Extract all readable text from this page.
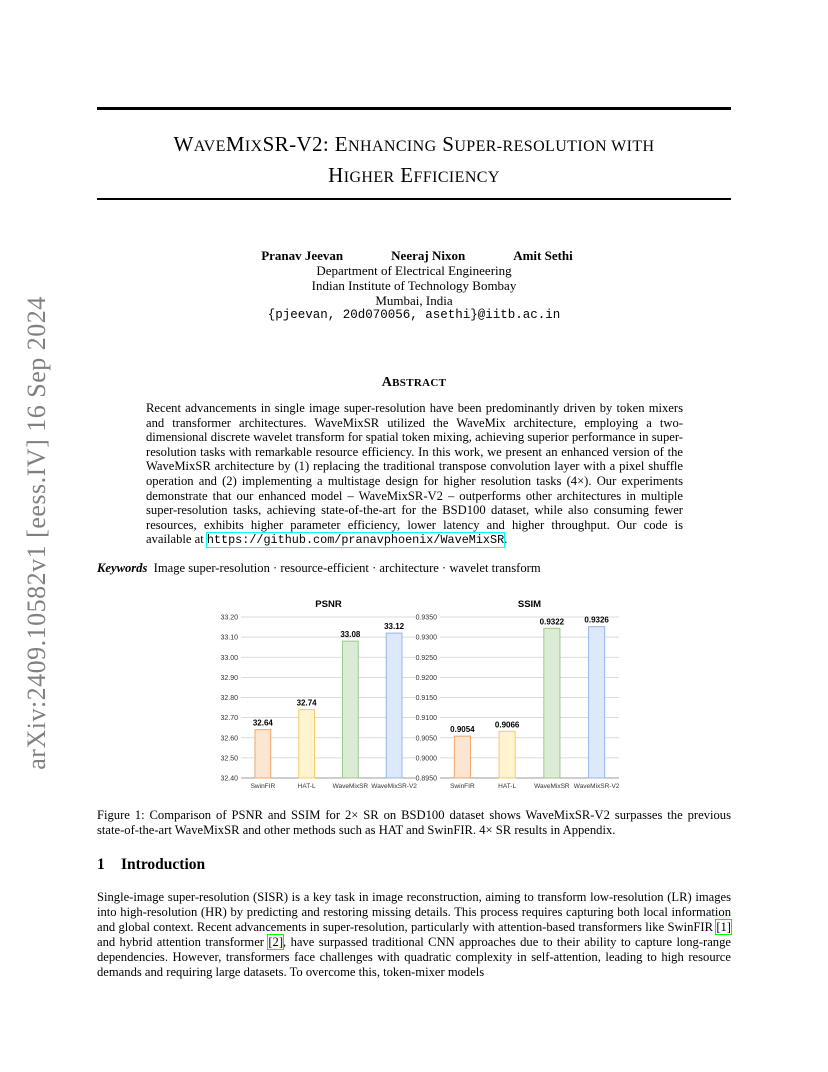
arXiv:2409.10582v1 [eess.IV] 16 Sep 2024
WAVEMIXSR-V2: ENHANCING SUPER-RESOLUTION WITH
HIGHER EFFICIENCY
Pranav Jeevan	Neeraj Nixon	Amit Sethi
Department of Electrical Engineering
Indian Institute of Technology Bombay
Mumbai, India
{pjeevan, 20d070056, asethi}@iitb.ac.in
ABSTRACT
Recent advancements in single image super-resolution have been predominantly driven by token mixers and transformer architectures. WaveMixSR utilized the WaveMix architecture, employing a two-dimensional discrete wavelet transform for spatial token mixing, achieving superior performance in super-resolution tasks with remarkable resource efficiency. In this work, we present an enhanced version of the WaveMixSR architecture by (1) replacing the traditional transpose convolution layer with a pixel shuffle operation and (2) implementing a multistage design for higher resolution tasks (4×). Our experiments demonstrate that our enhanced model – WaveMixSR-V2 – outperforms other architectures in multiple super-resolution tasks, achieving state-of-the-art for the BSD100 dataset, while also consuming fewer resources, exhibits higher parameter efficiency, lower latency and higher throughput. Our code is available at https://github.com/pranavphoenix/WaveMixSR.
Keywords Image super-resolution · resource-efficient · architecture · wavelet transform
PSNR
32.40
32.50
32.60
32.70
32.80
32.90
33.00
33.10
33.20
32.64
SwinFIR
32.74
HAT-L
33.08
WaveMixSR
33.12
WaveMixSR-V2
SSIM
0.8950
0.9000
0.9050
0.9100
0.9150
0.9200
0.9250
0.9300
0.9350
0.9054
SwinFIR
0.9066
HAT-L
0.9322
WaveMixSR
0.9326
WaveMixSR-V2
Figure 1: Comparison of PSNR and SSIM for 2× SR on BSD100 dataset shows WaveMixSR-V2 surpasses the previous state-of-the-art WaveMixSR and other methods such as HAT and SwinFIR. 4× SR results in Appendix.
1 Introduction
Single-image super-resolution (SISR) is a key task in image reconstruction, aiming to transform low-resolution (LR) images into high-resolution (HR) by predicting and restoring missing details. This process requires capturing both local information and global context. Recent advancements in super-resolution, particularly with attention-based transformers like SwinFIR [1] and hybrid attention transformer [2], have surpassed traditional CNN approaches due to their ability to capture long-range dependencies. However, transformers face challenges with quadratic complexity in self-attention, leading to high resource demands and requiring large datasets. To overcome this, token-mixer models
